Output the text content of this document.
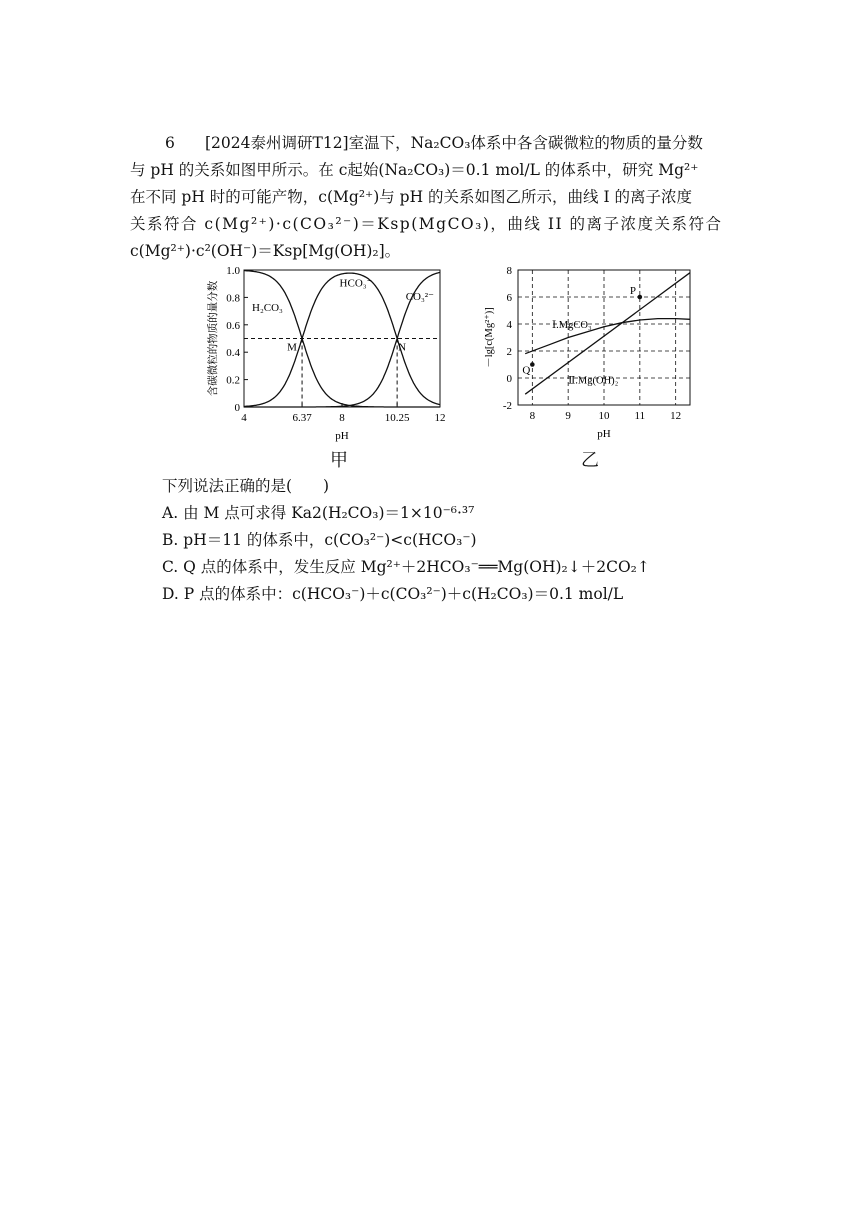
6 [2024泰州调研T12]室温下，Na₂CO₃体系中各含碳微粒的物质的量分数
与 pH 的关系如图甲所示。在 c起始(Na₂CO₃)＝0.1 mol/L 的体系中，研究 Mg²⁺
在不同 pH 时的可能产物，c(Mg²⁺)与 pH 的关系如图乙所示，曲线 I 的离子浓度
关系符合 c(Mg²⁺)·c(CO₃²⁻)＝Ksp(MgCO₃)，曲线 II 的离子浓度关系符合
c(Mg²⁺)·c²(OH⁻)＝Ksp[Mg(OH)₂]。
0
0.2
0.4
0.6
0.8
1.0
4	6.37	8	10.25 12
pH
含碳微粒的物质的量分数	H₂CO₃
HCO₃⁻
CO₃²⁻
M	N
甲
-2
0
2
4
6
8
8	9	10 11 12
pH
－lg[c(Mg²⁺)]	Ⅰ.MgCO₃
Ⅱ.Mg(OH)₂
P
Q
乙
下列说法正确的是(　　)
A. 由 M 点可求得 Ka2(H₂CO₃)＝1×10⁻⁶·³⁷
B. pH＝11 的体系中，c(CO₃²⁻)<c(HCO₃⁻)
C. Q 点的体系中，发生反应 Mg²⁺＋2HCO₃⁻══Mg(OH)₂↓＋2CO₂↑
D. P 点的体系中：c(HCO₃⁻)＋c(CO₃²⁻)＋c(H₂CO₃)＝0.1 mol/L
